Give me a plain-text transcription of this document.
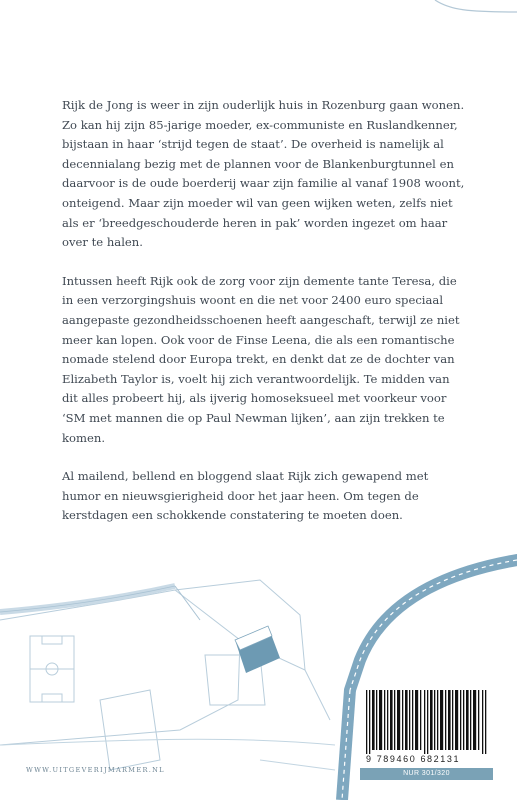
Rijk de Jong is weer in zijn ouderlijk huis in Rozenburg gaan wonen. Zo kan hij zijn 85-jarige moeder, ex-communiste en Ruslandkenner, bijstaan in haar ‘strijd tegen de staat’. De overheid is namelijk al decennialang bezig met de plannen voor de Blankenburgtunnel en daarvoor is de oude boerderij waar zijn familie al vanaf 1908 woont, onteigend. Maar zijn moeder wil van geen wijken weten, zelfs niet als er ‘breedgeschouderde heren in pak’ worden ingezet om haar over te halen.

Intussen heeft Rijk ook de zorg voor zijn demente tante Teresa, die in een verzorgingshuis woont en die net voor 2400 euro speciaal aangepaste gezondheidsschoenen heeft aangeschaft, terwijl ze niet meer kan lopen. Ook voor de Finse Leena, die als een romantische nomade stelend door Europa trekt, en denkt dat ze de dochter van Elizabeth Taylor is, voelt hij zich verantwoordelijk. Te midden van dit alles probeert hij, als ijverig homoseksueel met voorkeur voor ‘SM met mannen die op Paul Newman lijken’, aan zijn trekken te komen.

Al mailend, bellend en bloggend slaat Rijk zich gewapend met humor en nieuwsgierigheid door het jaar heen. Om tegen de kerstdagen een schokkende constatering te moeten doen.

WWW.UITGEVERIJMARMER.NL
9 789460 682131
NUR 301/320
